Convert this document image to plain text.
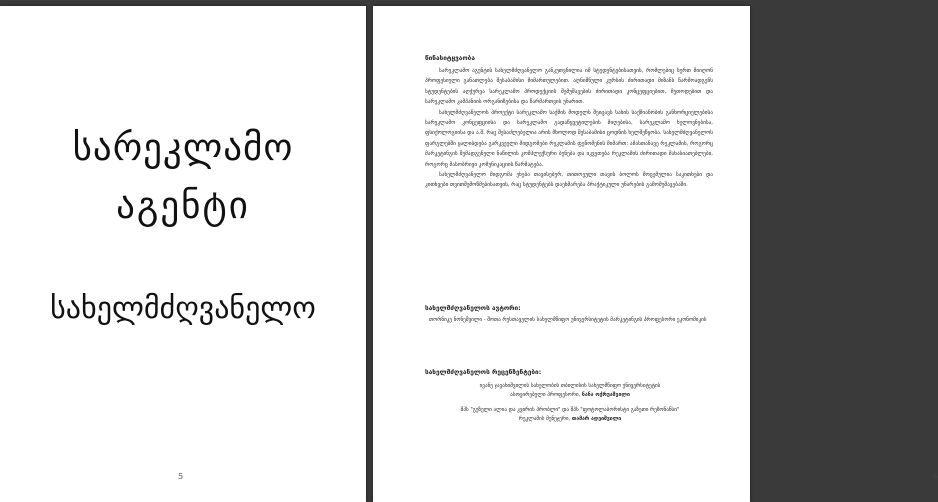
სარეკლამო
აგენტი
სახელმძღვანელო
5
წინასიტყვაობა

სარეკლამო აგენტის სახელმძღვანელო განკუთვნილია იმ სტუდენტებისათვის, რომლებიც სურთ მიიღონ პროფესიული განათლება შესაბამისი მიმართულებით. აღნიშნული კურსის ძირითადი მიზანს წარმოადგენს სტუდენტების აღჭურვა სარეკლამო პროდუქციის შემუშავების ძირითადი კონცეფციებით, მეთოდებით და სარეკლამო კამპანიის ორგანიზებისა და წარმართვის უნარით.

სახელმძღვანელოს პროექტი სარეკლამო საქმის მოდულს შეიცავს სახის საქმიანობის განხორციელებისა სარეკლამო კონცეფციისა და სარეკლამო გადაწყვეტილების მიღებისა, სარეკლამო ხელოვნებისა, ფსიქოლოგიისა და ა.შ. რაც შესაძლებელია არის მხოლოდ შესაბამისი ცოდნის ხელშეწყობა. სახელმძღვანელოს ფარგლებში ყალიბდება გარკვეული მიდგომები რეკლამის ფენომენის მიმართ: ამასთანავე რეკლამის, როგორც მარკეტინგის შემადგენელი ნაწილის კომპლექსური ბუნება და იკვეთება რეკლამის ძირითადი მახასიათებლები, როგორც მასობრივი კომუნიკაციის წარმატება.

სახელმძღვანელო მიდგომა ეხება თავისებურ, თითოეული თავის ბოლოს მოცემულია საკითხები და კითხვები თვითშემოწმებისათვის, რაც სტუდენტებს დაეხმარება პრაქტიკული უნარების გამომუშავებაში.

სახელმძღვანელოს ავტორი:
თორნიკე ნონეშვილი - შოთა რუსთაველის სახელმწიფო უნივერსიტეტის მარკეტინგის პროფესორი ეკონომიკის
სახელმძღვანელოს რეცენზენტები:
ივანე ჯავახიშვილის სახელობის თბილისის სახელმწიფო უნივერსიტეტის
ასოცირებული პროფესორი, ნანა ოქრუაშვილი
შპს "გუზელი ალია და კვირის პრობლი" და შპს "ფოტოლაბორისტი გაზეთი რეზონანსი"
რეკლამის მენეჯერი, თამარ ადეიშვილი
6
